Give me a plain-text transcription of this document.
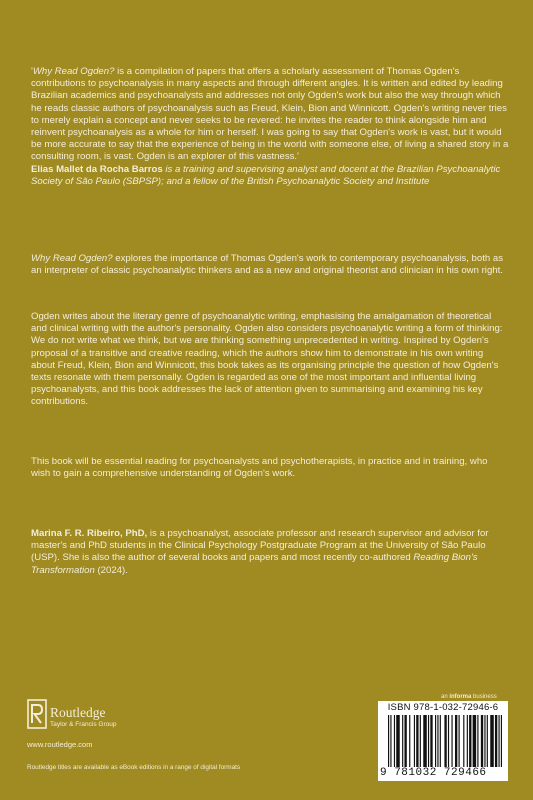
'Why Read Ogden? is a compilation of papers that offers a scholarly assessment of Thomas Ogden's contributions to psychoanalysis in many aspects and through different angles. It is written and edited by leading Brazilian academics and psychoanalysts and addresses not only Ogden's work but also the way through which he reads classic authors of psychoanalysis such as Freud, Klein, Bion and Winnicott. Ogden's writing never tries to merely explain a concept and never seeks to be revered: he invites the reader to think alongside him and reinvent psychoanalysis as a whole for him or herself. I was going to say that Ogden's work is vast, but it would be more accurate to say that the experience of being in the world with someone else, of living a shared story in a consulting room, is vast. Ogden is an explorer of this vastness.'

Elias Mallet da Rocha Barros is a training and supervising analyst and docent at the Brazilian Psychoanalytic Society of São Paulo (SBPSP); and a fellow of the British Psychoanalytic Society and Institute

Why Read Ogden? explores the importance of Thomas Ogden's work to contemporary psychoanalysis, both as an interpreter of classic psychoanalytic thinkers and as a new and original theorist and clinician in his own right.

Ogden writes about the literary genre of psychoanalytic writing, emphasising the amalgamation of theoretical and clinical writing with the author's personality. Ogden also considers psychoanalytic writing a form of thinking: We do not write what we think, but we are thinking something unprecedented in writing. Inspired by Ogden's proposal of a transitive and creative reading, which the authors show him to demonstrate in his own writing about Freud, Klein, Bion and Winnicott, this book takes as its organising principle the question of how Ogden's texts resonate with them personally. Ogden is regarded as one of the most important and influential living psychoanalysts, and this book addresses the lack of attention given to summarising and examining his key contributions.

This book will be essential reading for psychoanalysts and psychotherapists, in practice and in training, who wish to gain a comprehensive understanding of Ogden's work.

Marina F. R. Ribeiro, PhD, is a psychoanalyst, associate professor and research supervisor and advisor for master's and PhD students in the Clinical Psychology Postgraduate Program at the University of São Paulo (USP). She is also the author of several books and papers and most recently co-authored Reading Bion's Transformation (2024).

Routledge
Taylor & Francis Group
www.routledge.com
Routledge titles are available as eBook editions in a range of digital formats
an informa business
ISBN 978-1-032-72946-6
9 781032 729466
